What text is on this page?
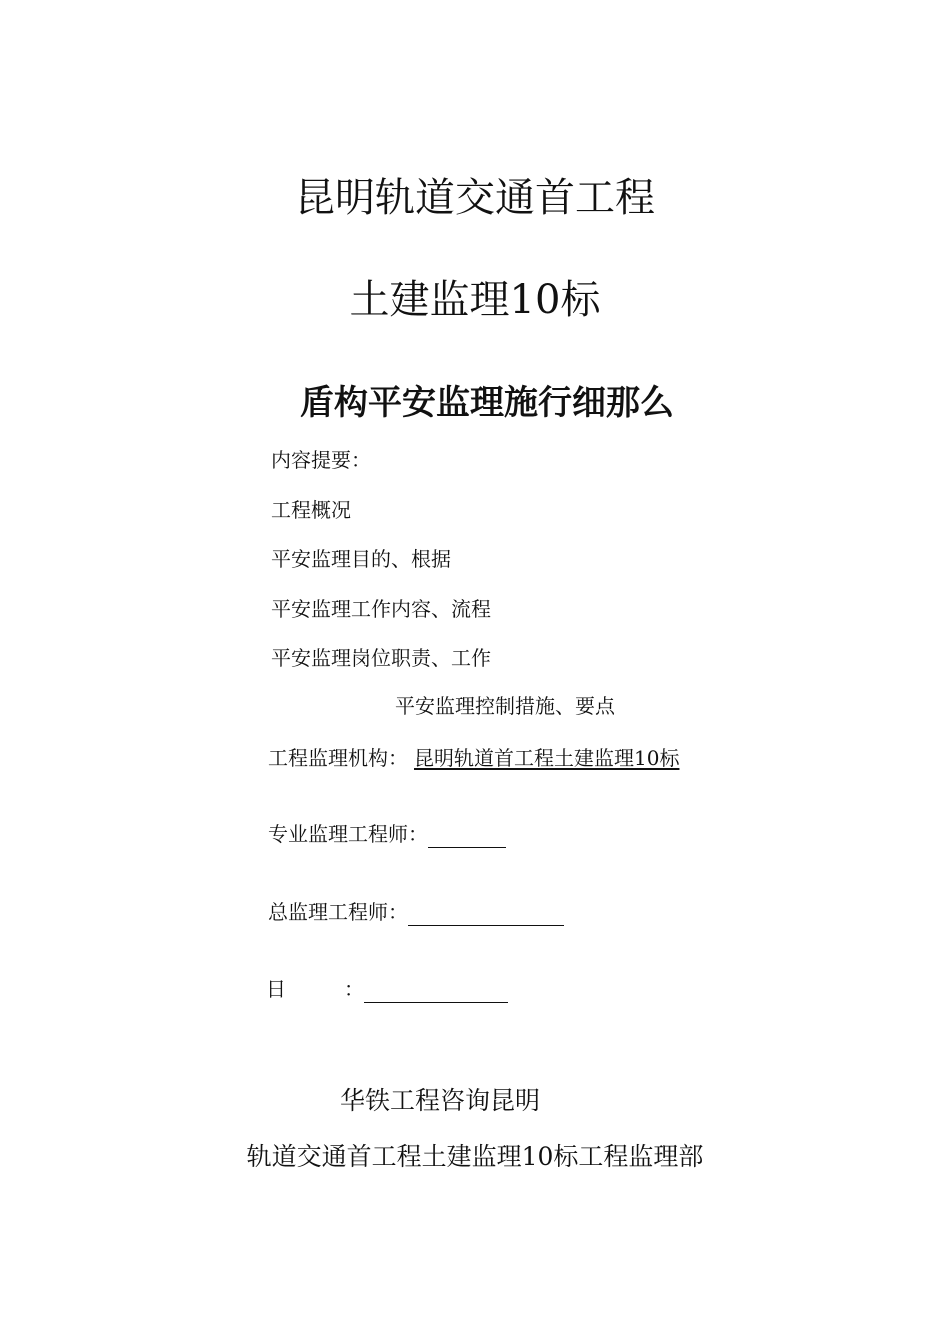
昆明轨道交通首工程
土建监理10标
盾构平安监理施行细那么
内容提要：
工程概况
平安监理目的、根据
平安监理工作内容、流程
平安监理岗位职责、工作
平安监理控制措施、要点
工程监理机构： 昆明轨道首工程土建监理10标
专业监理工程师：
总监理工程师：
日	：
华铁工程咨询昆明
轨道交通首工程土建监理10标工程监理部
